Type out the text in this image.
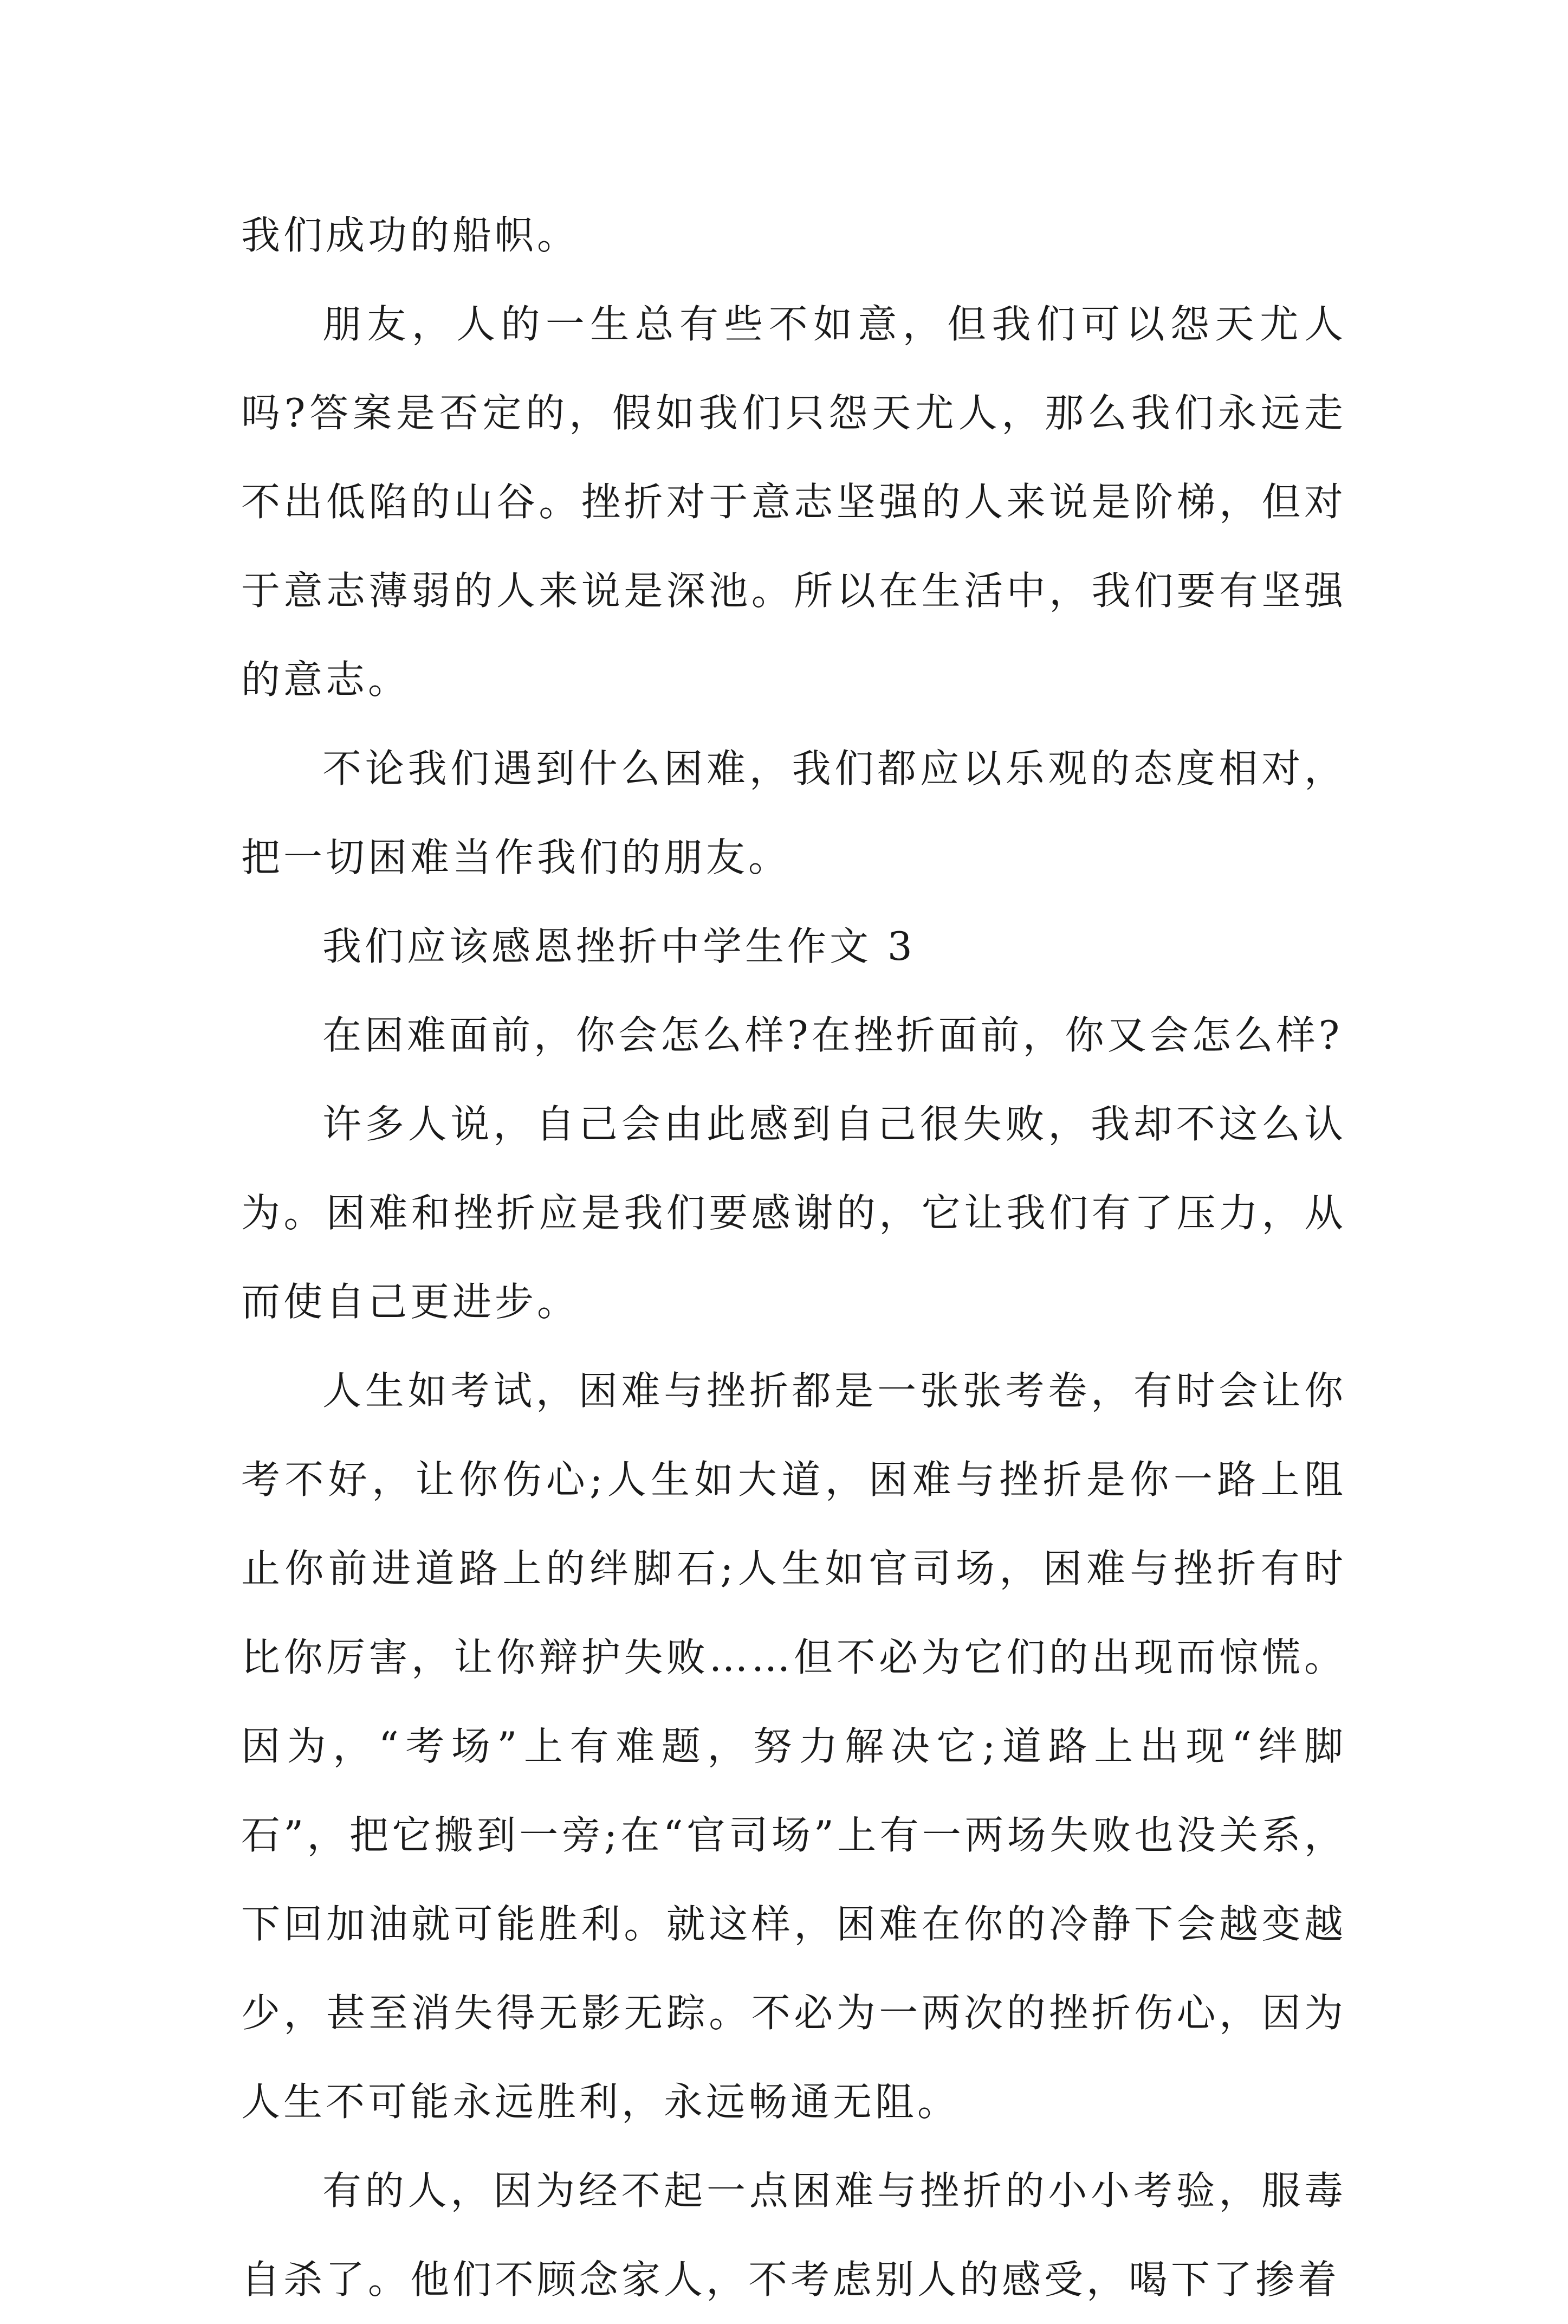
我们成功的船帜。

朋友，人的一生总有些不如意，但我们可以怨天尤人吗?答案是否定的，假如我们只怨天尤人，那么我们永远走不出低陷的山谷。挫折对于意志坚强的人来说是阶梯，但对于意志薄弱的人来说是深池。所以在生活中，我们要有坚强的意志。

不论我们遇到什么困难，我们都应以乐观的态度相对，把一切困难当作我们的朋友。

我们应该感恩挫折中学生作文 3

在困难面前，你会怎么样?在挫折面前，你又会怎么样?

许多人说，自己会由此感到自己很失败，我却不这么认为。困难和挫折应是我们要感谢的，它让我们有了压力，从而使自己更进步。

人生如考试，困难与挫折都是一张张考卷，有时会让你考不好，让你伤心;人生如大道，困难与挫折是你一路上阻止你前进道路上的绊脚石;人生如官司场，困难与挫折有时比你厉害，让你辩护失败……但不必为它们的出现而惊慌。因为，“考场”上有难题，努力解决它;道路上出现“绊脚石”，把它搬到一旁;在“官司场”上有一两场失败也没关系，下回加油就可能胜利。就这样，困难在你的冷静下会越变越少，甚至消失得无影无踪。不必为一两次的挫折伤心，因为人生不可能永远胜利，永远畅通无阻。

有的人，因为经不起一点困难与挫折的小小考验，服毒自杀了。他们不顾念家人，不考虑别人的感受，喝下了掺着
